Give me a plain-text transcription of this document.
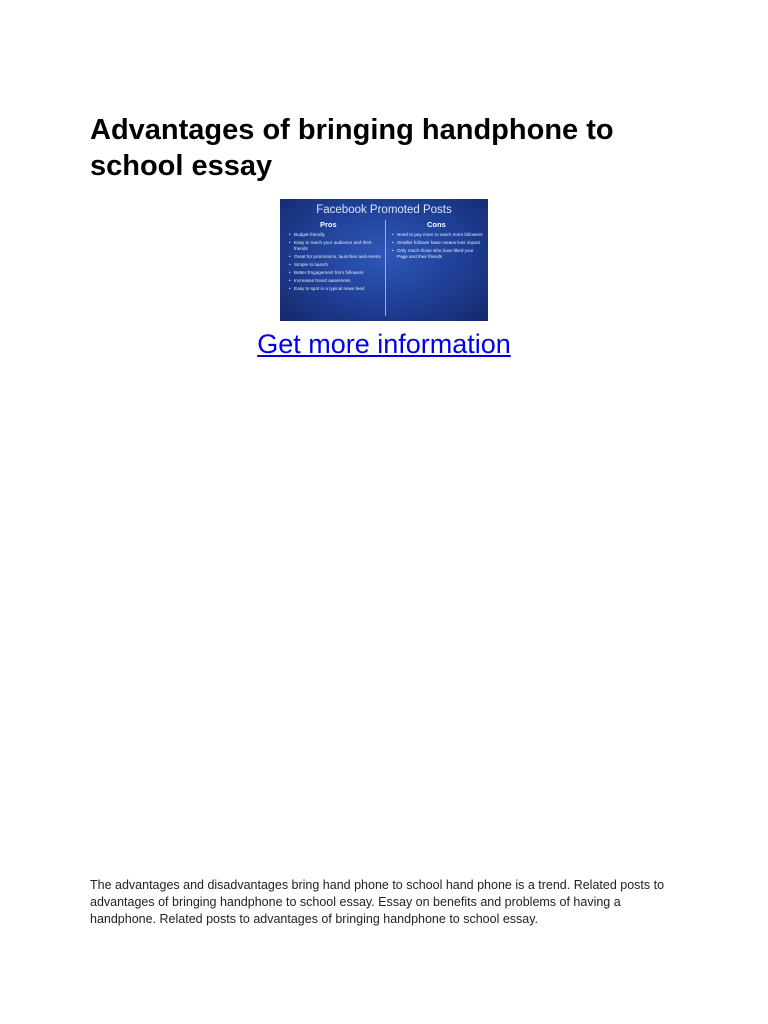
Advantages of bringing handphone to school essay
Facebook Promoted Posts
Pros	Cons
• Budget-friendly
• Easy to reach your audience and their friends
• Great for promotions, launches and events
• Simple to launch
• Better Engagement from followers
• Increases brand awareness
• Easy to spot in a typical news feed
• Need to pay more to reach more followers
• Smaller follower base means less impact
• Only reach those who have liked your Page and their friends
Get more information

The advantages and disadvantages bring hand phone to school hand phone is a trend. Related posts to advantages of bringing handphone to school essay. Essay on benefits and problems of having a handphone. Related posts to advantages of bringing handphone to school essay.
